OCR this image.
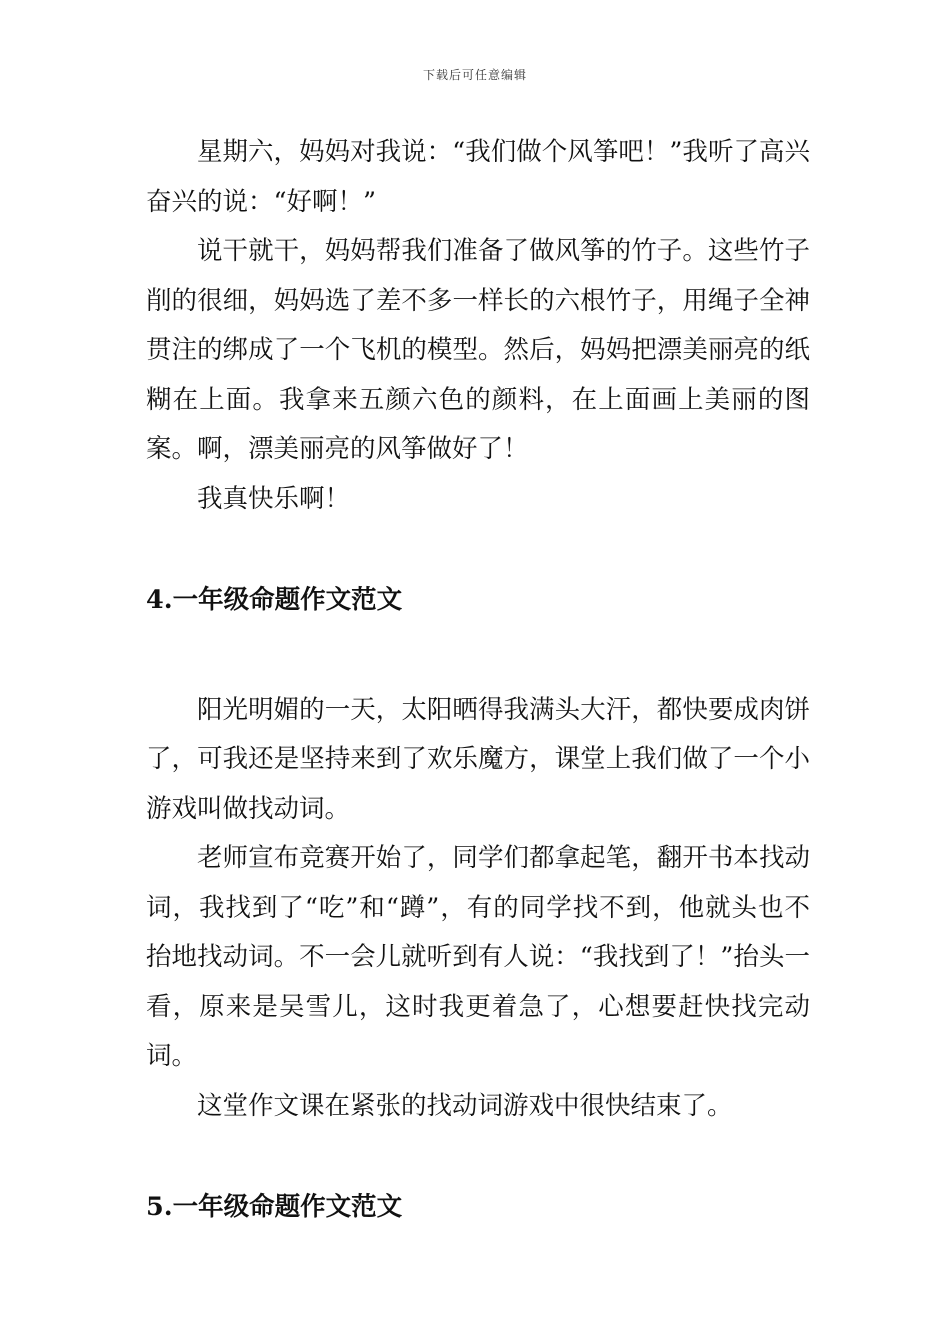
下载后可任意编辑

星期六，妈妈对我说：“我们做个风筝吧！”我听了高兴奋兴的说：“好啊！”

说干就干，妈妈帮我们准备了做风筝的竹子。这些竹子削的很细，妈妈选了差不多一样长的六根竹子，用绳子全神贯注的绑成了一个飞机的模型。然后，妈妈把漂美丽亮的纸糊在上面。我拿来五颜六色的颜料，在上面画上美丽的图案。啊，漂美丽亮的风筝做好了！

我真快乐啊！

4.一年级命题作文范文

阳光明媚的一天，太阳晒得我满头大汗，都快要成肉饼了，可我还是坚持来到了欢乐魔方，课堂上我们做了一个小游戏叫做找动词。

老师宣布竞赛开始了，同学们都拿起笔，翻开书本找动词，我找到了“吃”和“蹲”，有的同学找不到，他就头也不抬地找动词。不一会儿就听到有人说：“我找到了！”抬头一看，原来是吴雪儿，这时我更着急了，心想要赶快找完动词。

这堂作文课在紧张的找动词游戏中很快结束了。

5.一年级命题作文范文
